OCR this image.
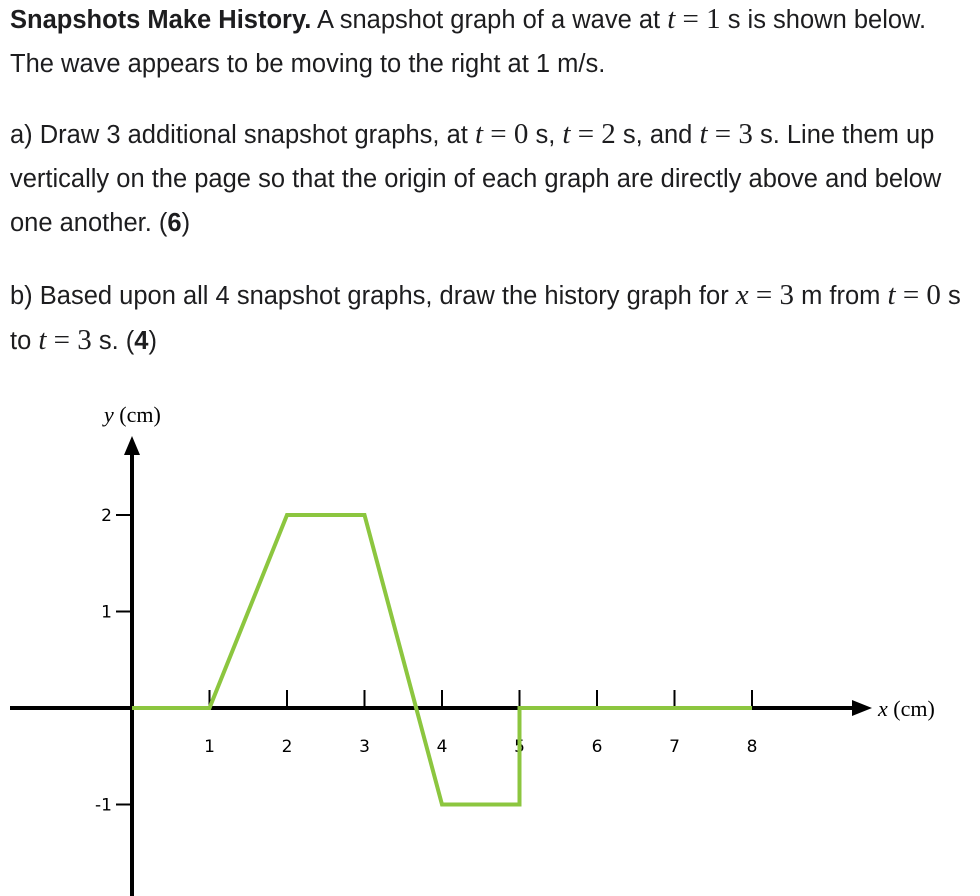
Snapshots Make History. A snapshot graph of a wave at t = 1 s is shown below. The wave appears to be moving to the right at 1 m/s.

a) Draw 3 additional snapshot graphs, at t = 0 s, t = 2 s, and t = 3 s. Line them up vertically on the page so that the origin of each graph are directly above and below one another. (6)

b) Based upon all 4 snapshot graphs, draw the history graph for x = 3 m from t = 0 s to t = 3 s. (4)

1	2	3	4	5	6	7	8
2
1
-1
y (cm)
x (cm)
